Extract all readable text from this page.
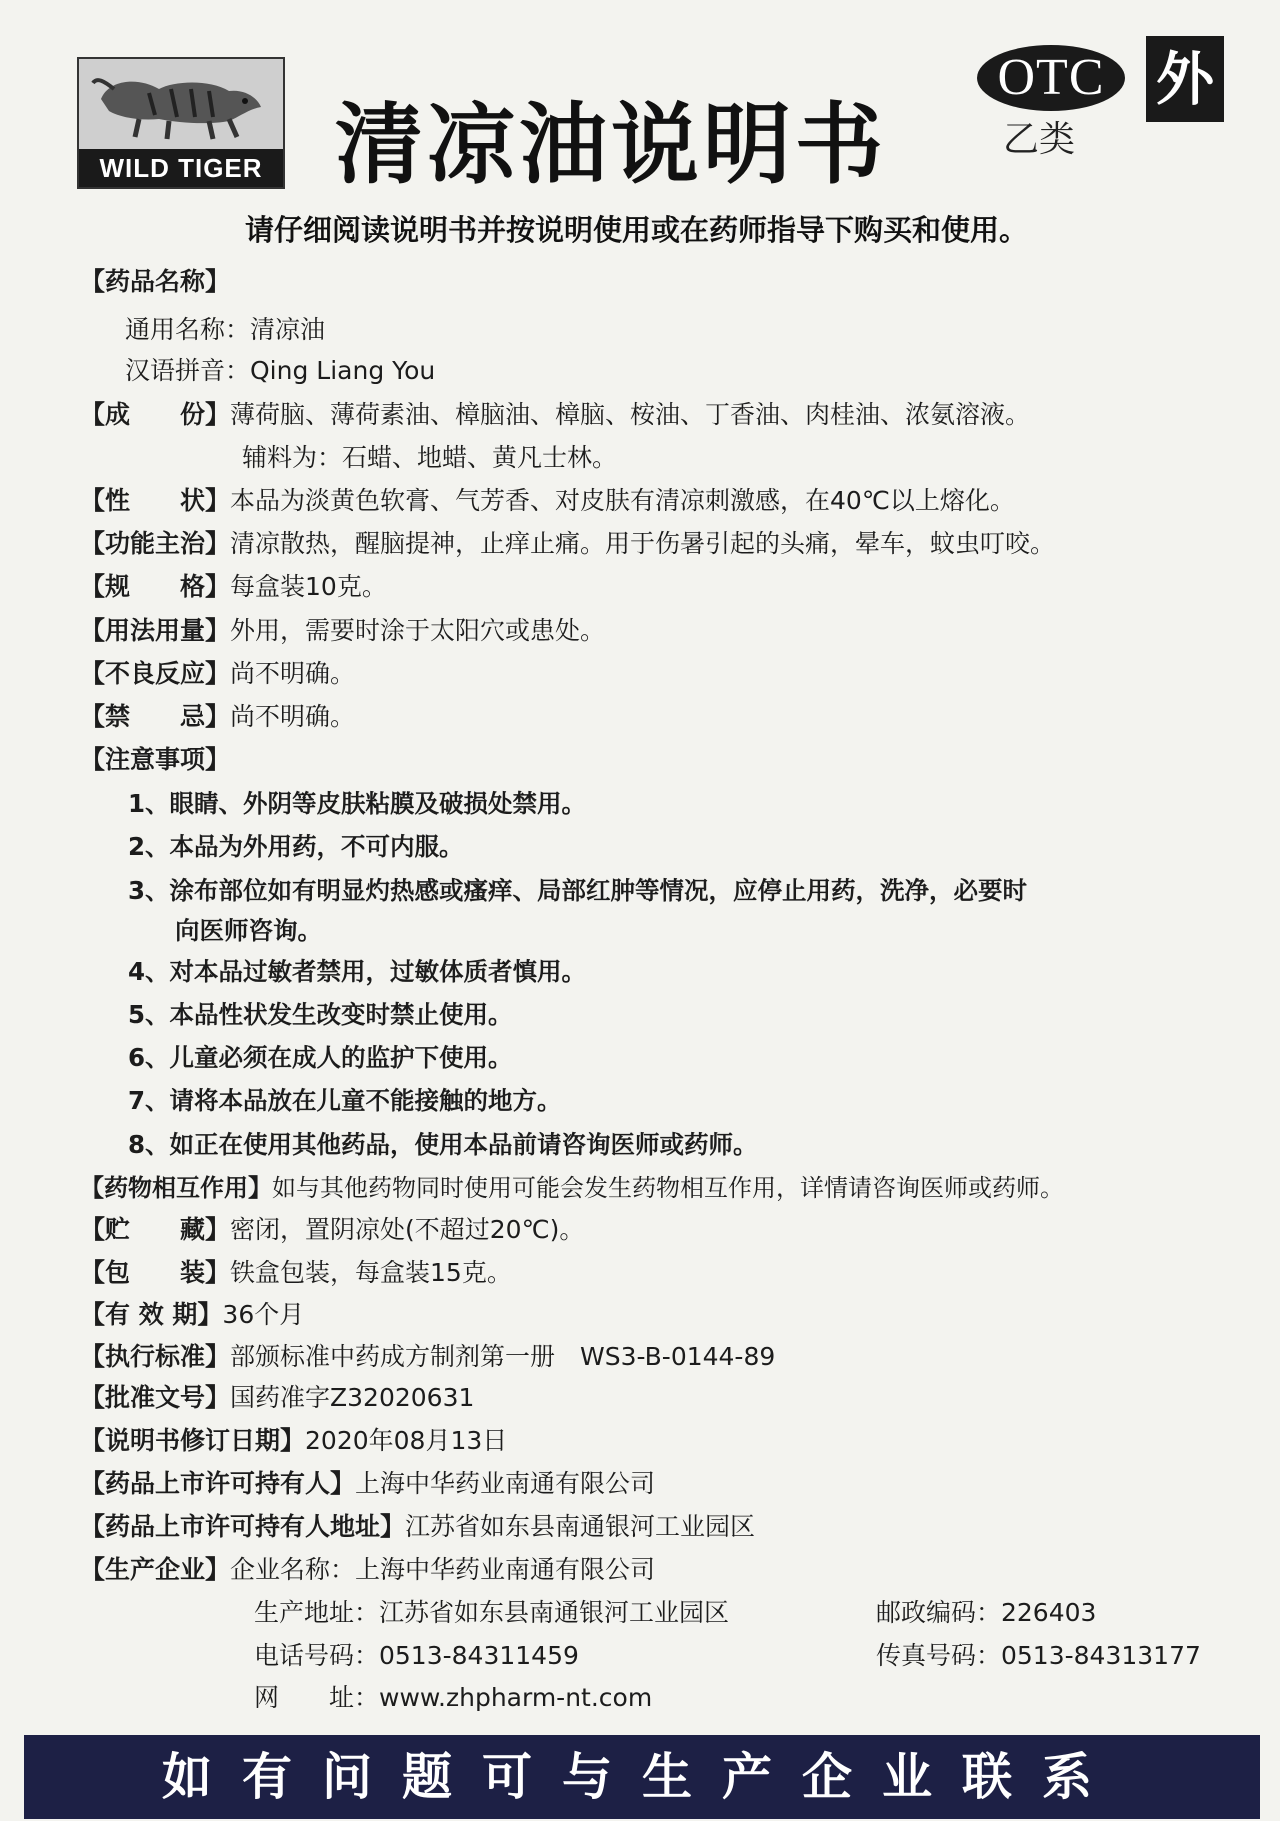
WILD TIGER 清凉油说明书
OTC
乙类
外
请仔细阅读说明书并按说明使用或在药师指导下购买和使用。
【药品名称】
通用名称：清凉油
汉语拼音：Qing Liang You
【成　　份】薄荷脑、薄荷素油、樟脑油、樟脑、桉油、丁香油、肉桂油、浓氨溶液。
辅料为：石蜡、地蜡、黄凡士林。
【性　　状】本品为淡黄色软膏、气芳香、对皮肤有清凉刺激感，在40℃以上熔化。
【功能主治】清凉散热，醒脑提神，止痒止痛。用于伤暑引起的头痛，晕车，蚊虫叮咬。
【规　　格】每盒装10克。
【用法用量】外用，需要时涂于太阳穴或患处。
【不良反应】尚不明确。
【禁　　忌】尚不明确。
【注意事项】
1、眼睛、外阴等皮肤粘膜及破损处禁用。
2、本品为外用药，不可内服。
3、涂布部位如有明显灼热感或瘙痒、局部红肿等情况，应停止用药，洗净，必要时
向医师咨询。
4、对本品过敏者禁用，过敏体质者慎用。
5、本品性状发生改变时禁止使用。
6、儿童必须在成人的监护下使用。
7、请将本品放在儿童不能接触的地方。
8、如正在使用其他药品，使用本品前请咨询医师或药师。
【药物相互作用】如与其他药物同时使用可能会发生药物相互作用，详情请咨询医师或药师。
【贮　　藏】密闭，置阴凉处(不超过20℃)。
【包　　装】铁盒包装，每盒装15克。
【有 效 期】36个月
【执行标准】部颁标准中药成方制剂第一册　WS3-B-0144-89
【批准文号】国药准字Z32020631
【说明书修订日期】2020年08月13日
【药品上市许可持有人】上海中华药业南通有限公司
【药品上市许可持有人地址】江苏省如东县南通银河工业园区
【生产企业】企业名称：上海中华药业南通有限公司
生产地址：江苏省如东县南通银河工业园区	邮政编码：226403
电话号码：0513-84311459	传真号码：0513-84313177
网　　址：www.zhpharm-nt.com
如有问题可与生产企业联系
